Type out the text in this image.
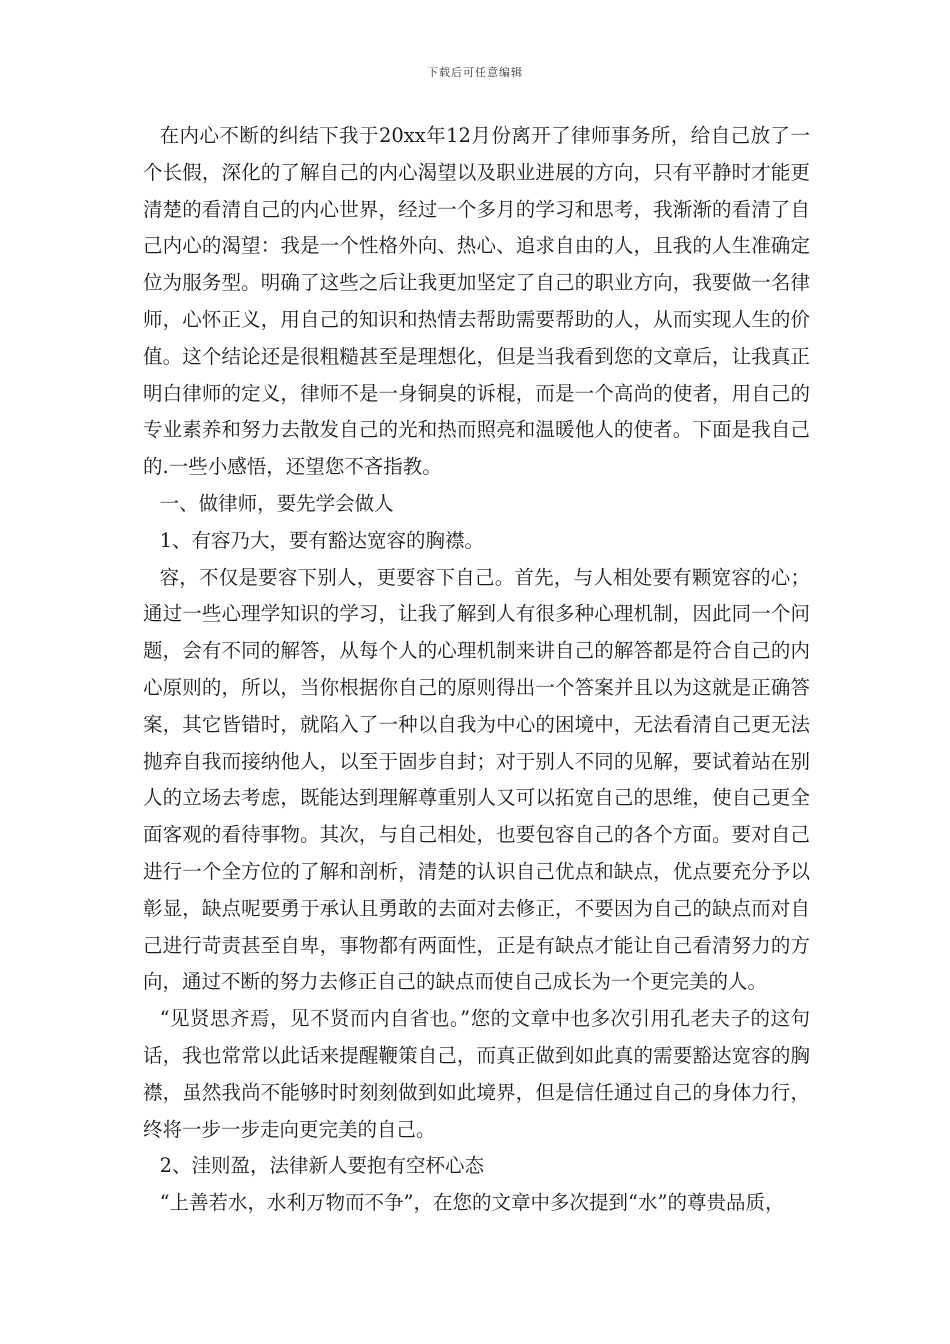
下载后可任意编辑

在内心不断的纠结下我于20xx年12月份离开了律师事务所，给自己放了一个长假，深化的了解自己的内心渴望以及职业进展的方向，只有平静时才能更清楚的看清自己的内心世界，经过一个多月的学习和思考，我渐渐的看清了自己内心的渴望：我是一个性格外向、热心、追求自由的人，且我的人生准确定位为服务型。明确了这些之后让我更加坚定了自己的职业方向，我要做一名律师，心怀正义，用自己的知识和热情去帮助需要帮助的人，从而实现人生的价值。这个结论还是很粗糙甚至是理想化，但是当我看到您的文章后，让我真正明白律师的定义，律师不是一身铜臭的诉棍，而是一个高尚的使者，用自己的专业素养和努力去散发自己的光和热而照亮和温暖他人的使者。下面是我自己的.一些小感悟，还望您不吝指教。

一、做律师，要先学会做人

1、有容乃大，要有豁达宽容的胸襟。

容，不仅是要容下别人，更要容下自己。首先，与人相处要有颗宽容的心；通过一些心理学知识的学习，让我了解到人有很多种心理机制，因此同一个问题，会有不同的解答，从每个人的心理机制来讲自己的解答都是符合自己的内心原则的，所以，当你根据你自己的原则得出一个答案并且以为这就是正确答案，其它皆错时，就陷入了一种以自我为中心的困境中，无法看清自己更无法抛弃自我而接纳他人，以至于固步自封；对于别人不同的见解，要试着站在别人的立场去考虑，既能达到理解尊重别人又可以拓宽自己的思维，使自己更全面客观的看待事物。其次，与自己相处，也要包容自己的各个方面。要对自己进行一个全方位的了解和剖析，清楚的认识自己优点和缺点，优点要充分予以彰显，缺点呢要勇于承认且勇敢的去面对去修正，不要因为自己的缺点而对自己进行苛责甚至自卑，事物都有两面性，正是有缺点才能让自己看清努力的方向，通过不断的努力去修正自己的缺点而使自己成长为一个更完美的人。

“见贤思齐焉，见不贤而内自省也。”您的文章中也多次引用孔老夫子的这句话，我也常常以此话来提醒鞭策自己，而真正做到如此真的需要豁达宽容的胸襟，虽然我尚不能够时时刻刻做到如此境界，但是信任通过自己的身体力行，终将一步一步走向更完美的自己。

2、洼则盈，法律新人要抱有空杯心态

“上善若水，水利万物而不争”，在您的文章中多次提到“水”的尊贵品质，
